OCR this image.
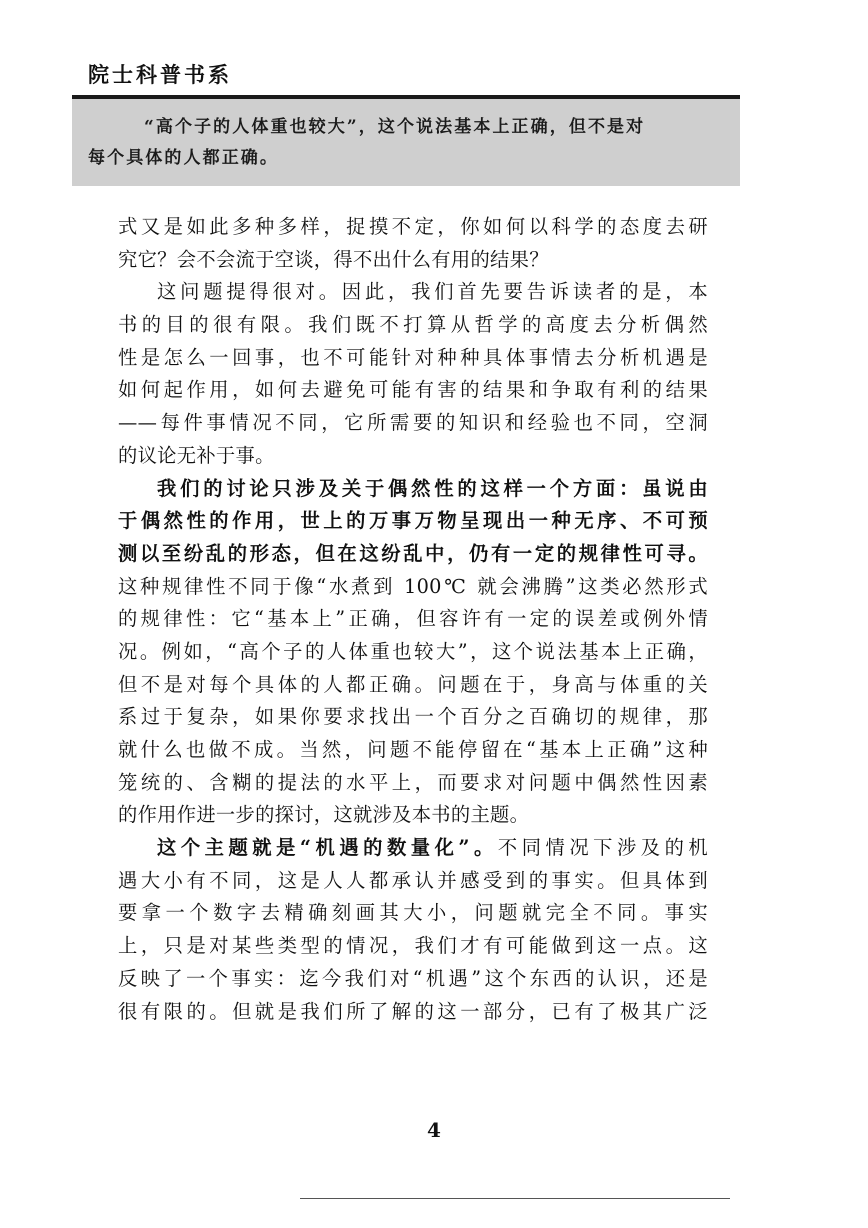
院士科普书系
“高个子的人体重也较大”，这个说法基本上正确，但不是对
每个具体的人都正确。
式又是如此多种多样，捉摸不定，你如何以科学的态度去研
究它？会不会流于空谈，得不出什么有用的结果？
这问题提得很对。因此，我们首先要告诉读者的是，本
书的目的很有限。我们既不打算从哲学的高度去分析偶然
性是怎么一回事，也不可能针对种种具体事情去分析机遇是
如何起作用，如何去避免可能有害的结果和争取有利的结果
——每件事情况不同，它所需要的知识和经验也不同，空洞
的议论无补于事。
我们的讨论只涉及关于偶然性的这样一个方面：虽说由
于偶然性的作用，世上的万事万物呈现出一种无序、不可预
测以至纷乱的形态，但在这纷乱中，仍有一定的规律性可寻。
这种规律性不同于像“水煮到 100℃ 就会沸腾”这类必然形式
的规律性：它“基本上”正确，但容许有一定的误差或例外情
况。例如，“高个子的人体重也较大”，这个说法基本上正确，
但不是对每个具体的人都正确。问题在于，身高与体重的关
系过于复杂，如果你要求找出一个百分之百确切的规律，那
就什么也做不成。当然，问题不能停留在“基本上正确”这种
笼统的、含糊的提法的水平上，而要求对问题中偶然性因素
的作用作进一步的探讨，这就涉及本书的主题。
这个主题就是“机遇的数量化”。不同情况下涉及的机
遇大小有不同，这是人人都承认并感受到的事实。但具体到
要拿一个数字去精确刻画其大小，问题就完全不同。事实
上，只是对某些类型的情况，我们才有可能做到这一点。这
反映了一个事实：迄今我们对“机遇”这个东西的认识，还是
很有限的。但就是我们所了解的这一部分，已有了极其广泛
4
